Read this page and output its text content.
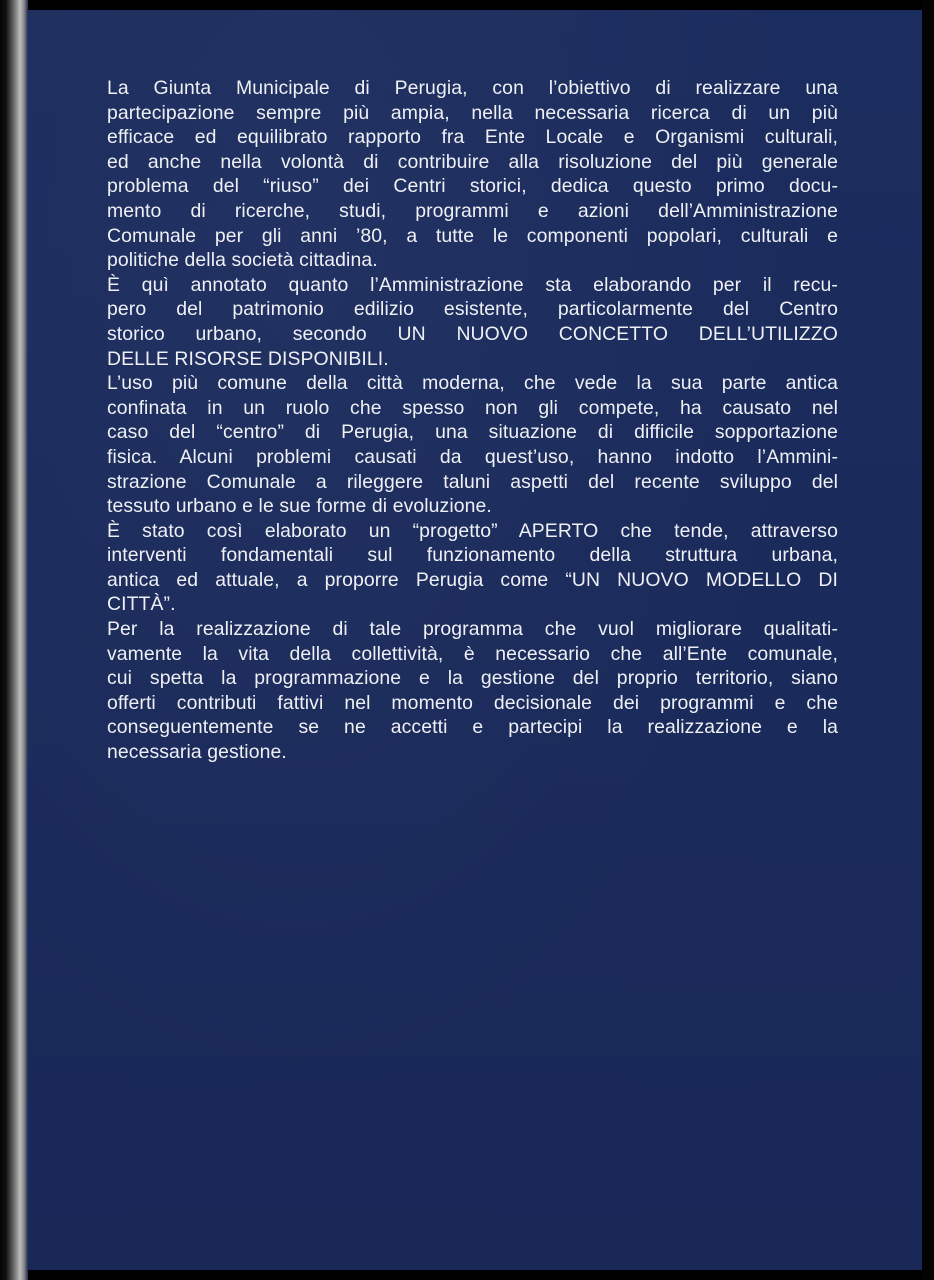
La Giunta Municipale di Perugia, con l’obiettivo di realizzare una
partecipazione sempre più ampia, nella necessaria ricerca di un più
efficace ed equilibrato rapporto fra Ente Locale e Organismi culturali,
ed anche nella volontà di contribuire alla risoluzione del più generale
problema del “riuso” dei Centri storici, dedica questo primo docu-
mento di ricerche, studi, programmi e azioni dell’Amministrazione
Comunale per gli anni ’80, a tutte le componenti popolari, culturali e
politiche della società cittadina.

È quì annotato quanto l’Amministrazione sta elaborando per il recu-
pero del patrimonio edilizio esistente, particolarmente del Centro
storico urbano, secondo UN NUOVO CONCETTO DELL’UTILIZZO
DELLE RISORSE DISPONIBILI.

L’uso più comune della città moderna, che vede la sua parte antica
confinata in un ruolo che spesso non gli compete, ha causato nel
caso del “centro” di Perugia, una situazione di difficile sopportazione
fisica. Alcuni problemi causati da quest’uso, hanno indotto l’Ammini-
strazione Comunale a rileggere taluni aspetti del recente sviluppo del
tessuto urbano e le sue forme di evoluzione.

È stato così elaborato un “progetto” APERTO che tende, attraverso
interventi fondamentali sul funzionamento della struttura urbana,
antica ed attuale, a proporre Perugia come “UN NUOVO MODELLO DI
CITTÀ”.

Per la realizzazione di tale programma che vuol migliorare qualitati-
vamente la vita della collettività, è necessario che all’Ente comunale,
cui spetta la programmazione e la gestione del proprio territorio, siano
offerti contributi fattivi nel momento decisionale dei programmi e che
conseguentemente se ne accetti e partecipi la realizzazione e la
necessaria gestione.
